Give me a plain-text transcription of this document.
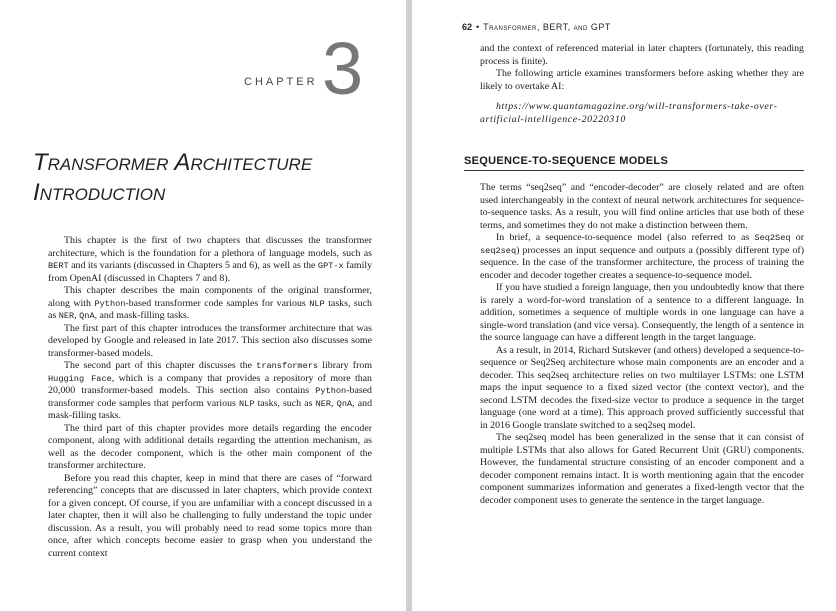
CHAPTER 3
Transformer Architecture
Introduction

This chapter is the first of two chapters that discusses the transformer architecture, which is the foundation for a plethora of language models, such as BERT and its variants (discussed in Chapters 5 and 6), as well as the GPT-x family from OpenAI (discussed in Chapters 7 and 8).

This chapter describes the main components of the original transformer, along with Python-based transformer code samples for various NLP tasks, such as NER, QnA, and mask-filling tasks.

The first part of this chapter introduces the transformer architecture that was developed by Google and released in late 2017. This section also discusses some transformer-based models.

The second part of this chapter discusses the transformers library from Hugging Face, which is a company that provides a repository of more than 20,000 transformer-based models. This section also contains Python-based transformer code samples that perform various NLP tasks, such as NER, QnA, and mask-filling tasks.

The third part of this chapter provides more details regarding the encoder component, along with additional details regarding the attention mechanism, as well as the decoder component, which is the other main component of the transformer architecture.

Before you read this chapter, keep in mind that there are cases of “forward referencing” concepts that are discussed in later chapters, which provide context for a given concept. Of course, if you are unfamiliar with a concept discussed in a later chapter, then it will also be challenging to fully understand the topic under discussion. As a result, you will probably need to read some topics more than once, after which concepts become easier to grasp when you understand the current context

62 • Transformer, BERT, and GPT

and the context of referenced material in later chapters (fortunately, this reading process is finite).

The following article examines transformers before asking whether they are likely to overtake AI:

https://www.quantamagazine.org/will-transformers-take-over-artificial-intelligence-20220310
SEQUENCE-TO-SEQUENCE MODELS

The terms “seq2seq” and “encoder-decoder” are closely related and are often used interchangeably in the context of neural network architectures for sequence-to-sequence tasks. As a result, you will find online articles that use both of these terms, and sometimes they do not make a distinction between them.

In brief, a sequence-to-sequence model (also referred to as Seq2Seq or seq2seq) processes an input sequence and outputs a (possibly different type of) sequence. In the case of the transformer architecture, the process of training the encoder and decoder together creates a sequence-to-sequence model.

If you have studied a foreign language, then you undoubtedly know that there is rarely a word-for-word translation of a sentence to a different language. In addition, sometimes a sequence of multiple words in one language can have a single-word translation (and vice versa). Consequently, the length of a sentence in the source language can have a different length in the target language.

As a result, in 2014, Richard Sutskever (and others) developed a sequence-to-sequence or Seq2Seq architecture whose main components are an encoder and a decoder. This seq2seq architecture relies on two multilayer LSTMs: one LSTM maps the input sequence to a fixed sized vector (the context vector), and the second LSTM decodes the fixed-size vector to produce a sequence in the target language (one word at a time). This approach proved sufficiently successful that in 2016 Google translate switched to a seq2seq model.

The seq2seq model has been generalized in the sense that it can consist of multiple LSTMs that also allows for Gated Recurrent Unit (GRU) components. However, the fundamental structure consisting of an encoder component and a decoder component remains intact. It is worth mentioning again that the encoder component summarizes information and generates a fixed-length vector that the decoder component uses to generate the sentence in the target language.
